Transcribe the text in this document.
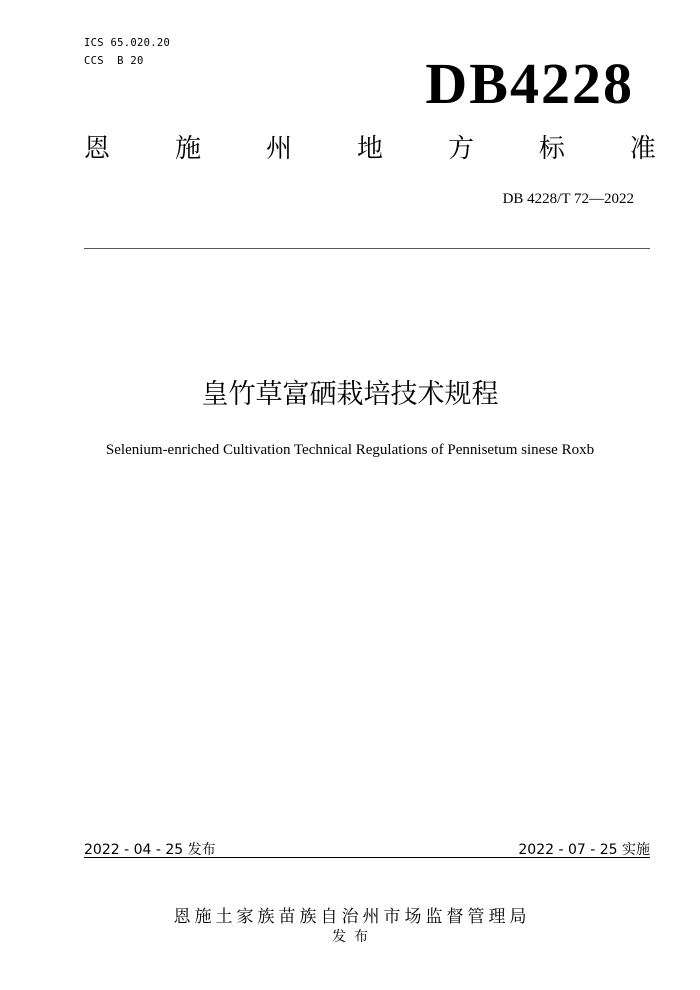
ICS 65.020.20
CCS  B 20	DB4228
恩 施 州 地 方 标 准
DB 4228/T 72—2022
皇竹草富硒栽培技术规程
Selenium-enriched Cultivation Technical Regulations of Pennisetum sinese Roxb
2022 - 04 - 25 发布	2022 - 07 - 25 实施
恩施土家族苗族自治州市场监督管理局
发布
